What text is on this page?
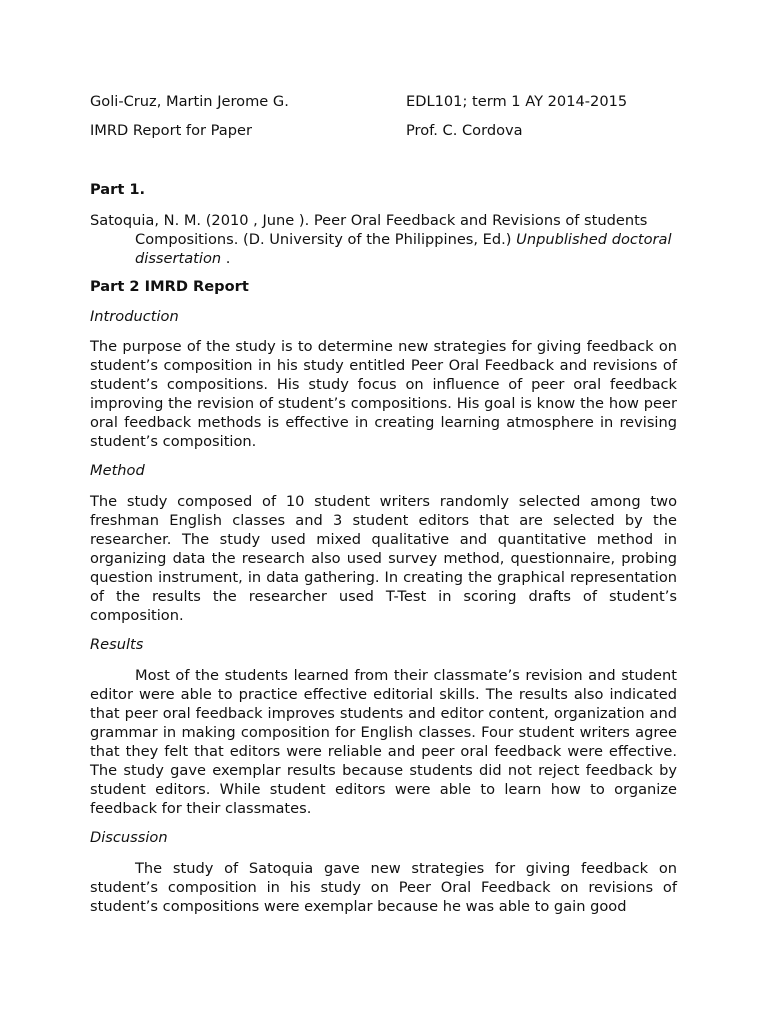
Goli-Cruz, Martin Jerome G.	EDL101; term 1 AY 2014-2015
IMRD Report for Paper	Prof. C. Cordova
Part 1.
Satoquia, N. M. (2010 , June ). Peer Oral Feedback and Revisions of students Compositions. (D. University of the Philippines, Ed.) Unpublished doctoral dissertation .
Part 2 IMRD Report
Introduction

The purpose of the study is to determine new strategies for giving feedback on student’s composition in his study entitled Peer Oral Feedback and revisions of student’s compositions. His study focus on influence of peer oral feedback improving the revision of student’s compositions. His goal is know the how peer oral feedback methods is effective in creating learning atmosphere in revising student’s composition.

Method

The study composed of 10 student writers randomly selected among two freshman English classes and 3 student editors that are selected by the researcher. The study used mixed qualitative and quantitative method in organizing data the research also used survey method, questionnaire, probing question instrument, in data gathering. In creating the graphical representation of the results the researcher used T-Test in scoring drafts of student’s composition.

Results

Most of the students learned from their classmate’s revision and student editor were able to practice effective editorial skills. The results also indicated that peer oral feedback improves students and editor content, organization and grammar in making composition for English classes. Four student writers agree that they felt that editors were reliable and peer oral feedback were effective. The study gave exemplar results because students did not reject feedback by student editors. While student editors were able to learn how to organize feedback for their classmates.

Discussion

The study of Satoquia gave new strategies for giving feedback on student’s composition in his study on Peer Oral Feedback on revisions of student’s compositions were exemplar because he was able to gain good
